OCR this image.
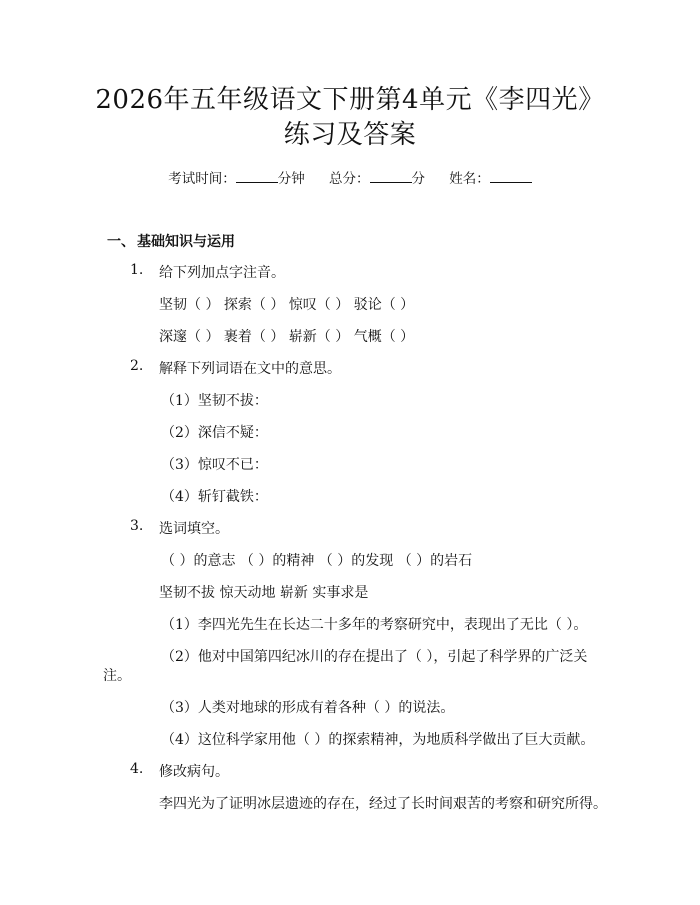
2026年五年级语文下册第4单元《李四光》
练习及答案
考试时间：	分钟 总分：	分 姓名：
一、 基础知识与运用
1. 给下列加点字注音。
坚韧（ ） 探索（ ） 惊叹（ ） 驳论（ ）
深邃（ ） 裹着（ ） 崭新（ ） 气概（ ）
2. 解释下列词语在文中的意思。
（1）坚韧不拔：
（2）深信不疑：
（3）惊叹不已：
（4）斩钉截铁：
3. 选词填空。
（ ）的意志 （ ）的精神 （ ）的发现 （ ）的岩石
坚韧不拔 惊天动地 崭新 实事求是
（1）李四光先生在长达二十多年的考察研究中，表现出了无比（ ）。
（2）他对中国第四纪冰川的存在提出了（ ），引起了科学界的广泛关
注。
（3）人类对地球的形成有着各种（ ）的说法。
（4）这位科学家用他（ ）的探索精神，为地质科学做出了巨大贡献。
4. 修改病句。
李四光为了证明冰层遗迹的存在，经过了长时间艰苦的考察和研究所得。
